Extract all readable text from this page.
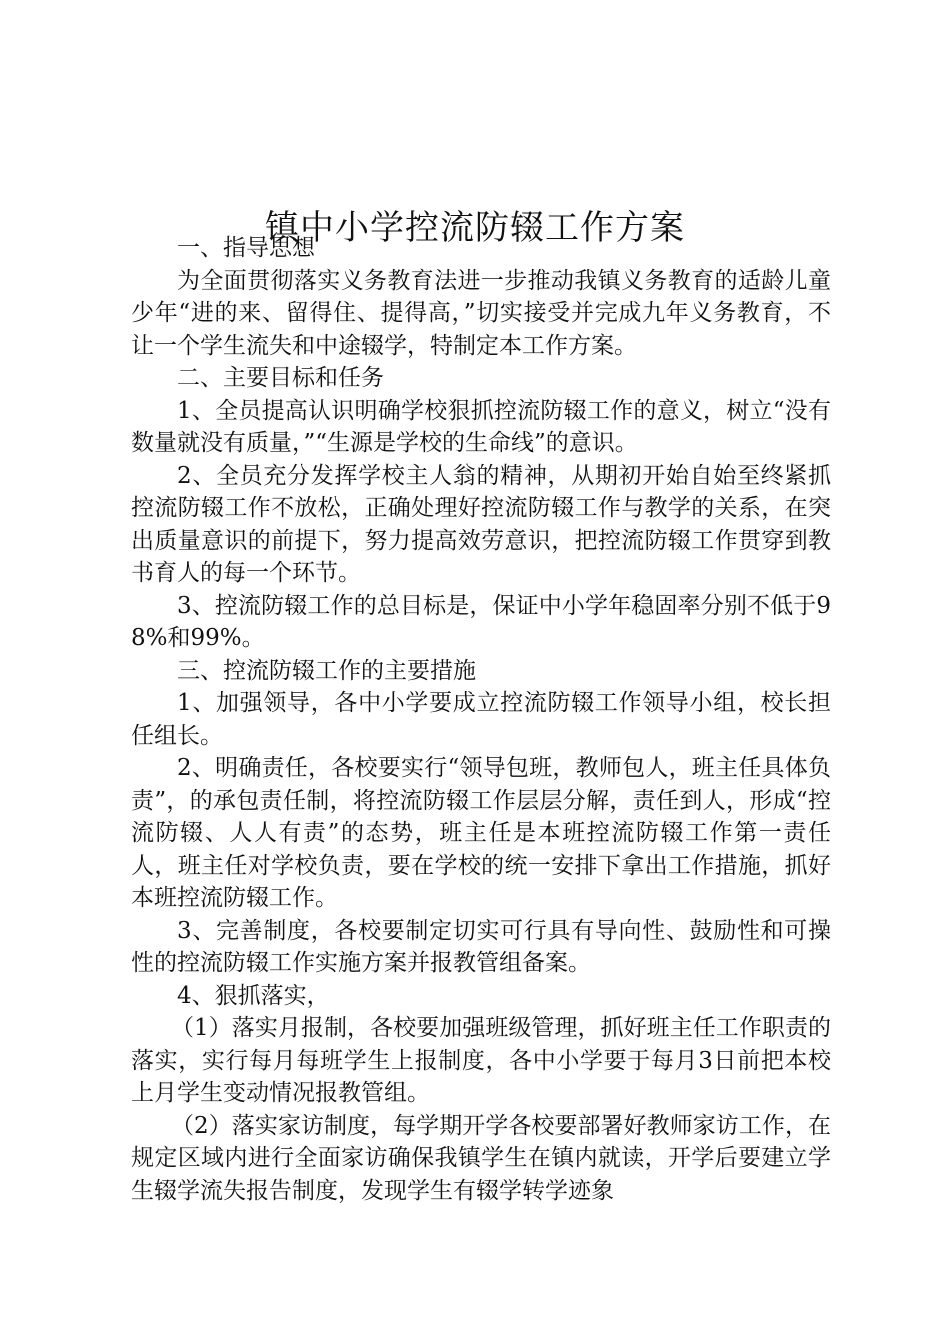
镇中小学控流防辍工作方案

一、指导思想

为全面贯彻落实义务教育法进一步推动我镇义务教育的适龄儿童少年“进的来、留得住、提得高，”切实接受并完成九年义务教育，不让一个学生流失和中途辍学，特制定本工作方案。

二、主要目标和任务

1、全员提高认识明确学校狠抓控流防辍工作的意义，树立“没有数量就没有质量，”“生源是学校的生命线”的意识。

2、全员充分发挥学校主人翁的精神，从期初开始自始至终紧抓控流防辍工作不放松，正确处理好控流防辍工作与教学的关系，在突出质量意识的前提下，努力提高效劳意识，把控流防辍工作贯穿到教书育人的每一个环节。

3、控流防辍工作的总目标是，保证中小学年稳固率分别不低于98%和99%。

三、控流防辍工作的主要措施

1、加强领导，各中小学要成立控流防辍工作领导小组，校长担任组长。

2、明确责任，各校要实行“领导包班，教师包人，班主任具体负责”，的承包责任制，将控流防辍工作层层分解，责任到人，形成“控流防辍、人人有责”的态势，班主任是本班控流防辍工作第一责任人，班主任对学校负责，要在学校的统一安排下拿出工作措施，抓好本班控流防辍工作。

3、完善制度，各校要制定切实可行具有导向性、鼓励性和可操性的控流防辍工作实施方案并报教管组备案。

4、狠抓落实，

（1）落实月报制，各校要加强班级管理，抓好班主任工作职责的落实，实行每月每班学生上报制度，各中小学要于每月3日前把本校上月学生变动情况报教管组。

（2）落实家访制度，每学期开学各校要部署好教师家访工作，在规定区域内进行全面家访确保我镇学生在镇内就读，开学后要建立学生辍学流失报告制度，发现学生有辍学转学迹象
